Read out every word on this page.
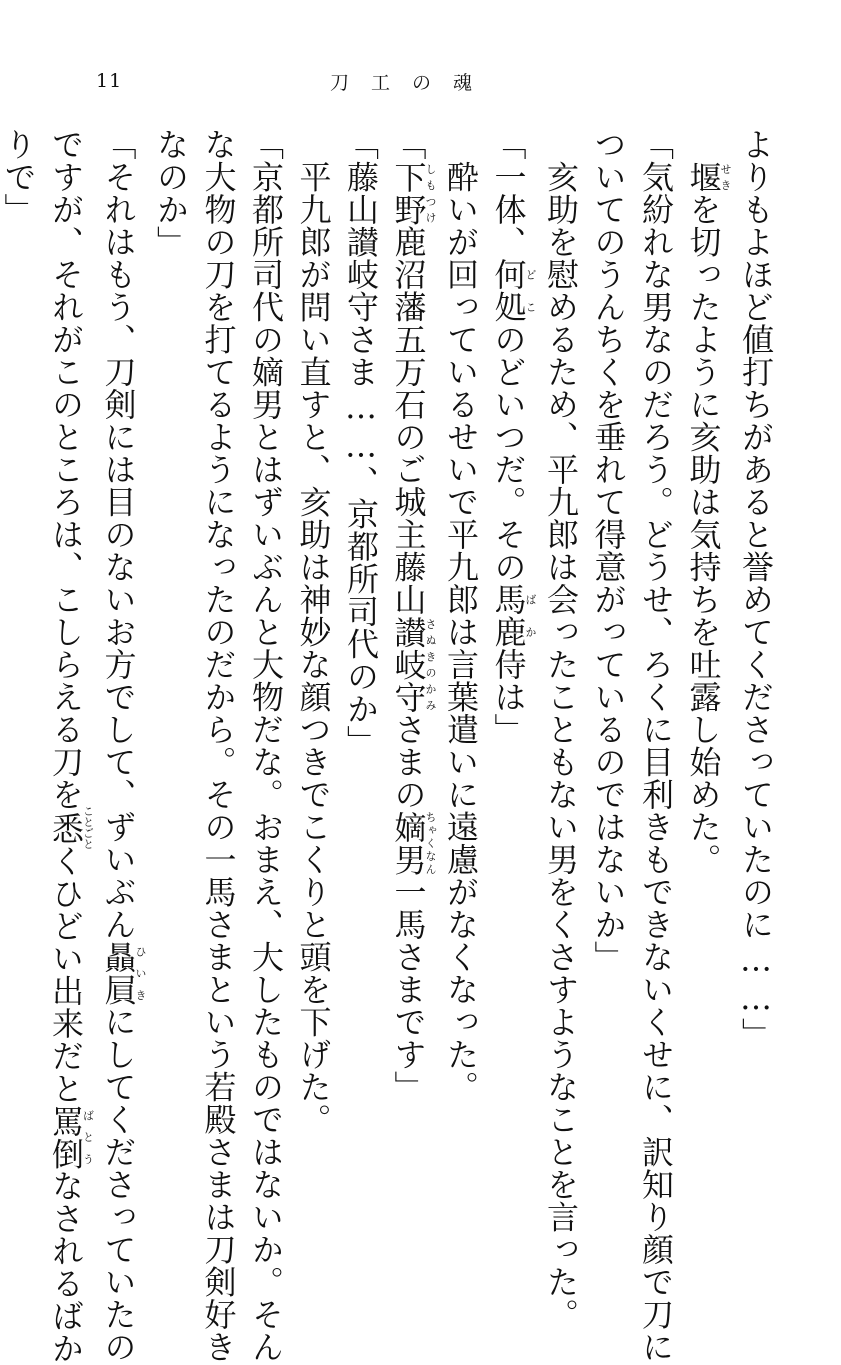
11	刀工の魂
よりもよほど値打ちがあると誉めてくださっていたのに……」
　堰せきを切ったように亥助は気持ちを吐露し始めた。
「気紛れな男なのだろう。どうせ、ろくに目利きもできないくせに、訳知り顔で刀に
ついてのうんちくを垂れて得意がっているのではないか」
　亥助を慰めるため、平九郎は会ったこともない男をくさすようなことを言った。
「一体、何処どこのどいつだ。その馬鹿ばか侍は」
　酔いが回っているせいで平九郎は言葉遣いに遠慮がなくなった。
「下野しもつけ鹿沼藩五万石のご城主藤山讃岐守さぬきのかみさまの嫡男ちゃくなん一馬さまです」
「藤山讃岐守さま……、京都所司代のか」
　平九郎が問い直すと、亥助は神妙な顔つきでこくりと頭を下げた。
「京都所司代の嫡男とはずいぶんと大物だな。おまえ、大したものではないか。そん
な大物の刀を打てるようになったのだから。その一馬さまという若殿さまは刀剣好き
なのか」
「それはもう、刀剣には目のないお方でして、ずいぶん贔屓ひいきにしてくださっていたの
ですが、それがこのところは、こしらえる刀を悉ことごとくひどい出来だと罵倒ばとうなされるばか
りで」
